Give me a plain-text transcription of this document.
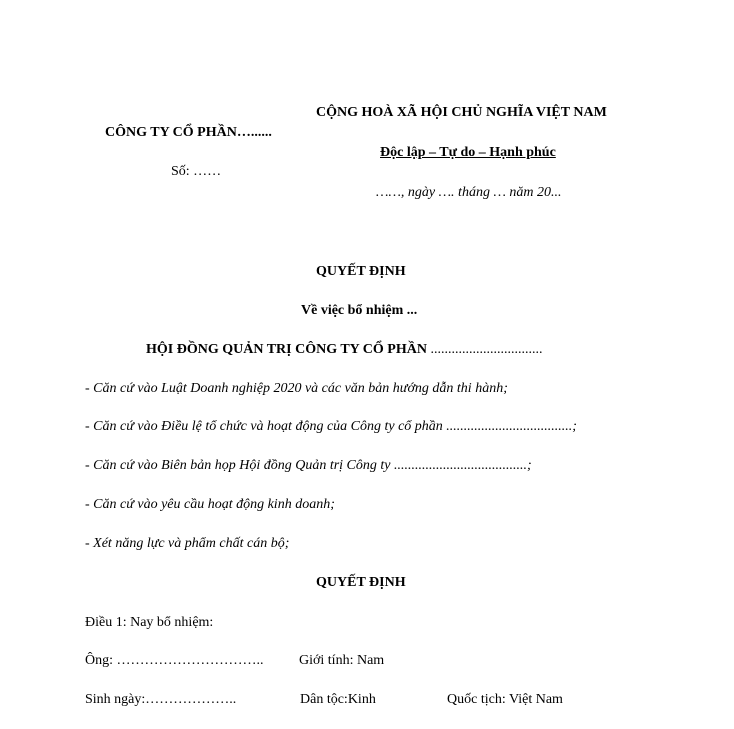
CÔNG TY CỔ PHẦN…......
Số: ……
CỘNG HOÀ XÃ HỘI CHỦ NGHĨA VIỆT NAM
Độc lập – Tự do – Hạnh phúc
……, ngày …. tháng … năm 20...
QUYẾT ĐỊNH
Về việc bổ nhiệm ...
HỘI ĐỒNG QUẢN TRỊ CÔNG TY CỔ PHẦN ................................
- Căn cứ vào Luật Doanh nghiệp 2020 và các văn bản hướng dẫn thi hành;
- Căn cứ vào Điều lệ tổ chức và hoạt động của Công ty cổ phần ....................................;
- Căn cứ vào Biên bản họp Hội đồng Quản trị Công ty ......................................;
- Căn cứ vào yêu cầu hoạt động kinh doanh;
- Xét năng lực và phẩm chất cán bộ;
QUYẾT ĐỊNH
Điều 1: Nay bổ nhiệm:
Ông: …………………………..	Giới tính: Nam
Sinh ngày:………………..	Dân tộc:Kinh	Quốc tịch: Việt Nam
